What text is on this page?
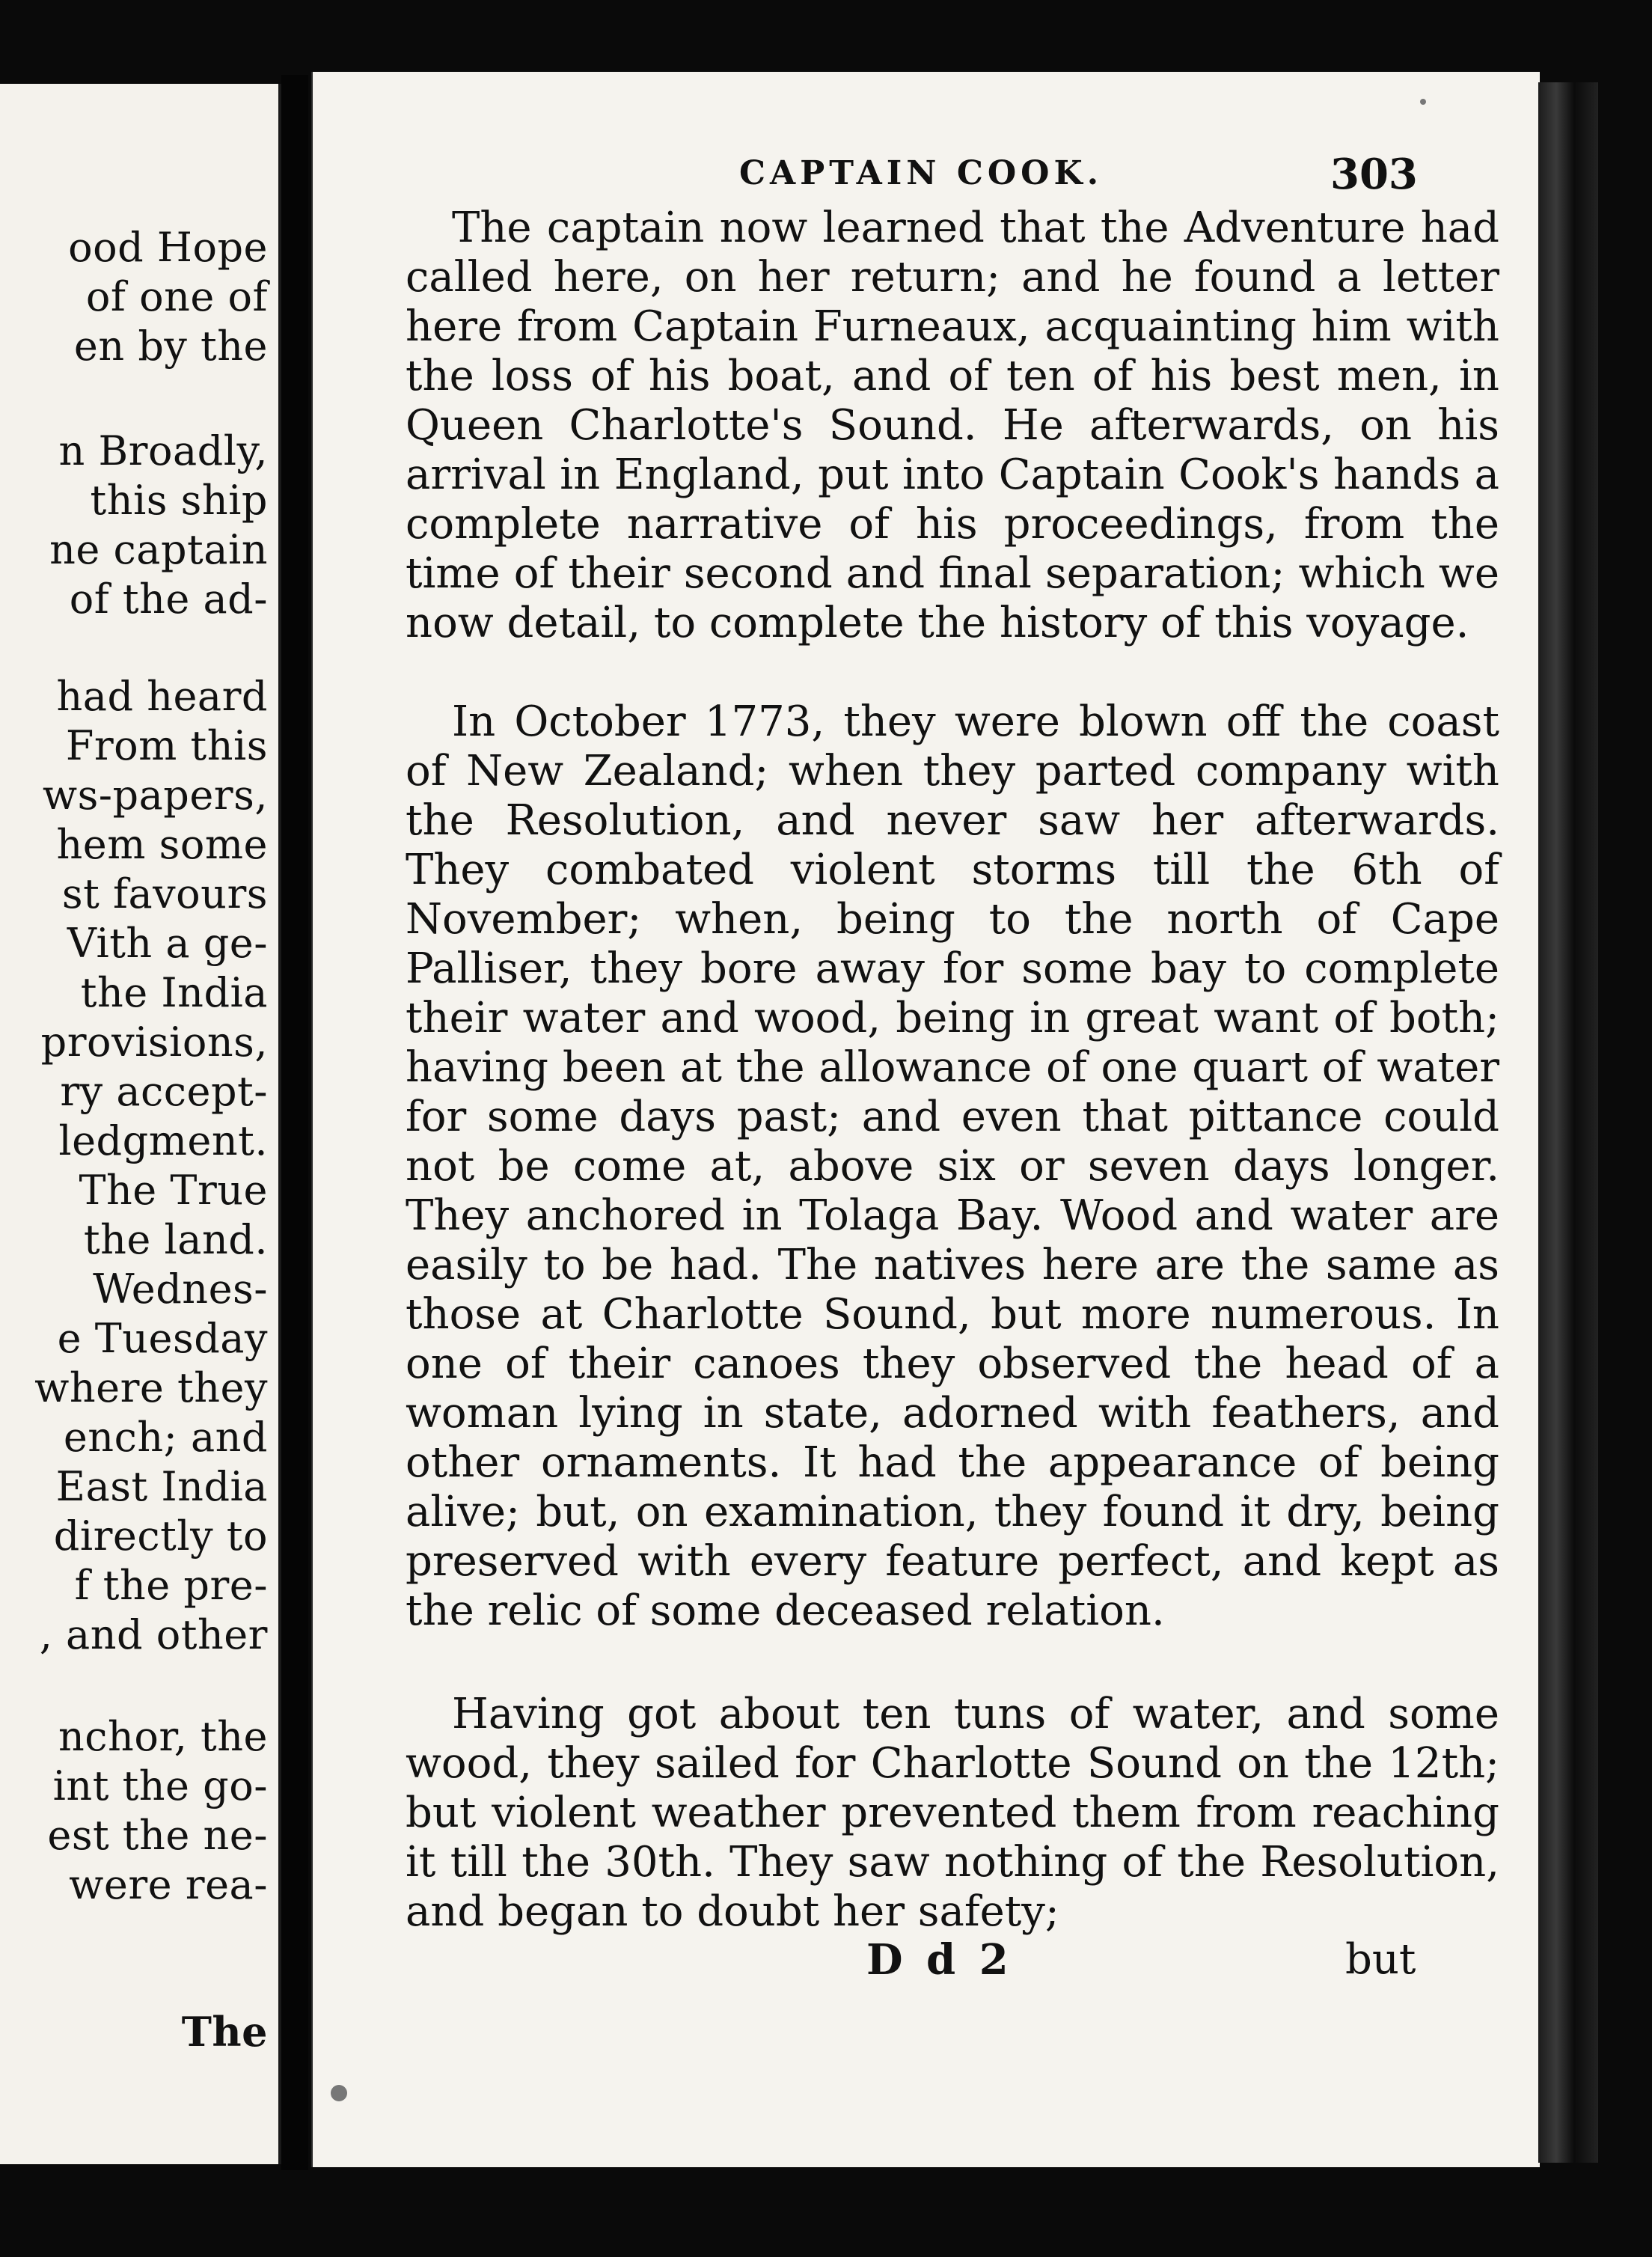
ood Hope
of one of
en by the
n Broadly,
this ship
ne captain
of the ad-
had heard
From this
ws-papers,
hem some
st favours
Vith a ge-
the India
provisions,
ry accept-
ledgment.
The True
the land.
Wednes-
e Tuesday
where they
ench; and
East India
directly to
f the pre-
, and other
nchor, the
int the go-
est the ne-
were rea-
The
CAPTAIN COOK.	303

The captain now learned that the Adventure had called here, on her return; and he found a letter here from Captain Furneaux, acquainting him with the loss of his boat, and of ten of his best men, in Queen Charlotte's Sound. He afterwards, on his arrival in England, put into Captain Cook's hands a complete narrative of his proceedings, from the time of their second and final separation; which we now detail, to complete the history of this voyage.

In October 1773, they were blown off the coast of New Zealand; when they parted company with the Resolution, and never saw her afterwards. They combated violent storms till the 6th of November; when, being to the north of Cape Palliser, they bore away for some bay to complete their water and wood, being in great want of both; having been at the allowance of one quart of water for some days past; and even that pittance could not be come at, above six or seven days longer. They anchored in Tolaga Bay. Wood and water are easily to be had. The natives here are the same as those at Charlotte Sound, but more numerous. In one of their canoes they observed the head of a woman lying in state, adorned with feathers, and other ornaments. It had the appearance of being alive; but, on examination, they found it dry, being preserved with every feature perfect, and kept as the relic of some deceased relation.

Having got about ten tuns of water, and some wood, they sailed for Charlotte Sound on the 12th; but violent weather prevented them from reaching it till the 30th. They saw nothing of the Resolution, and began to doubt her safety;

D d 2	but
